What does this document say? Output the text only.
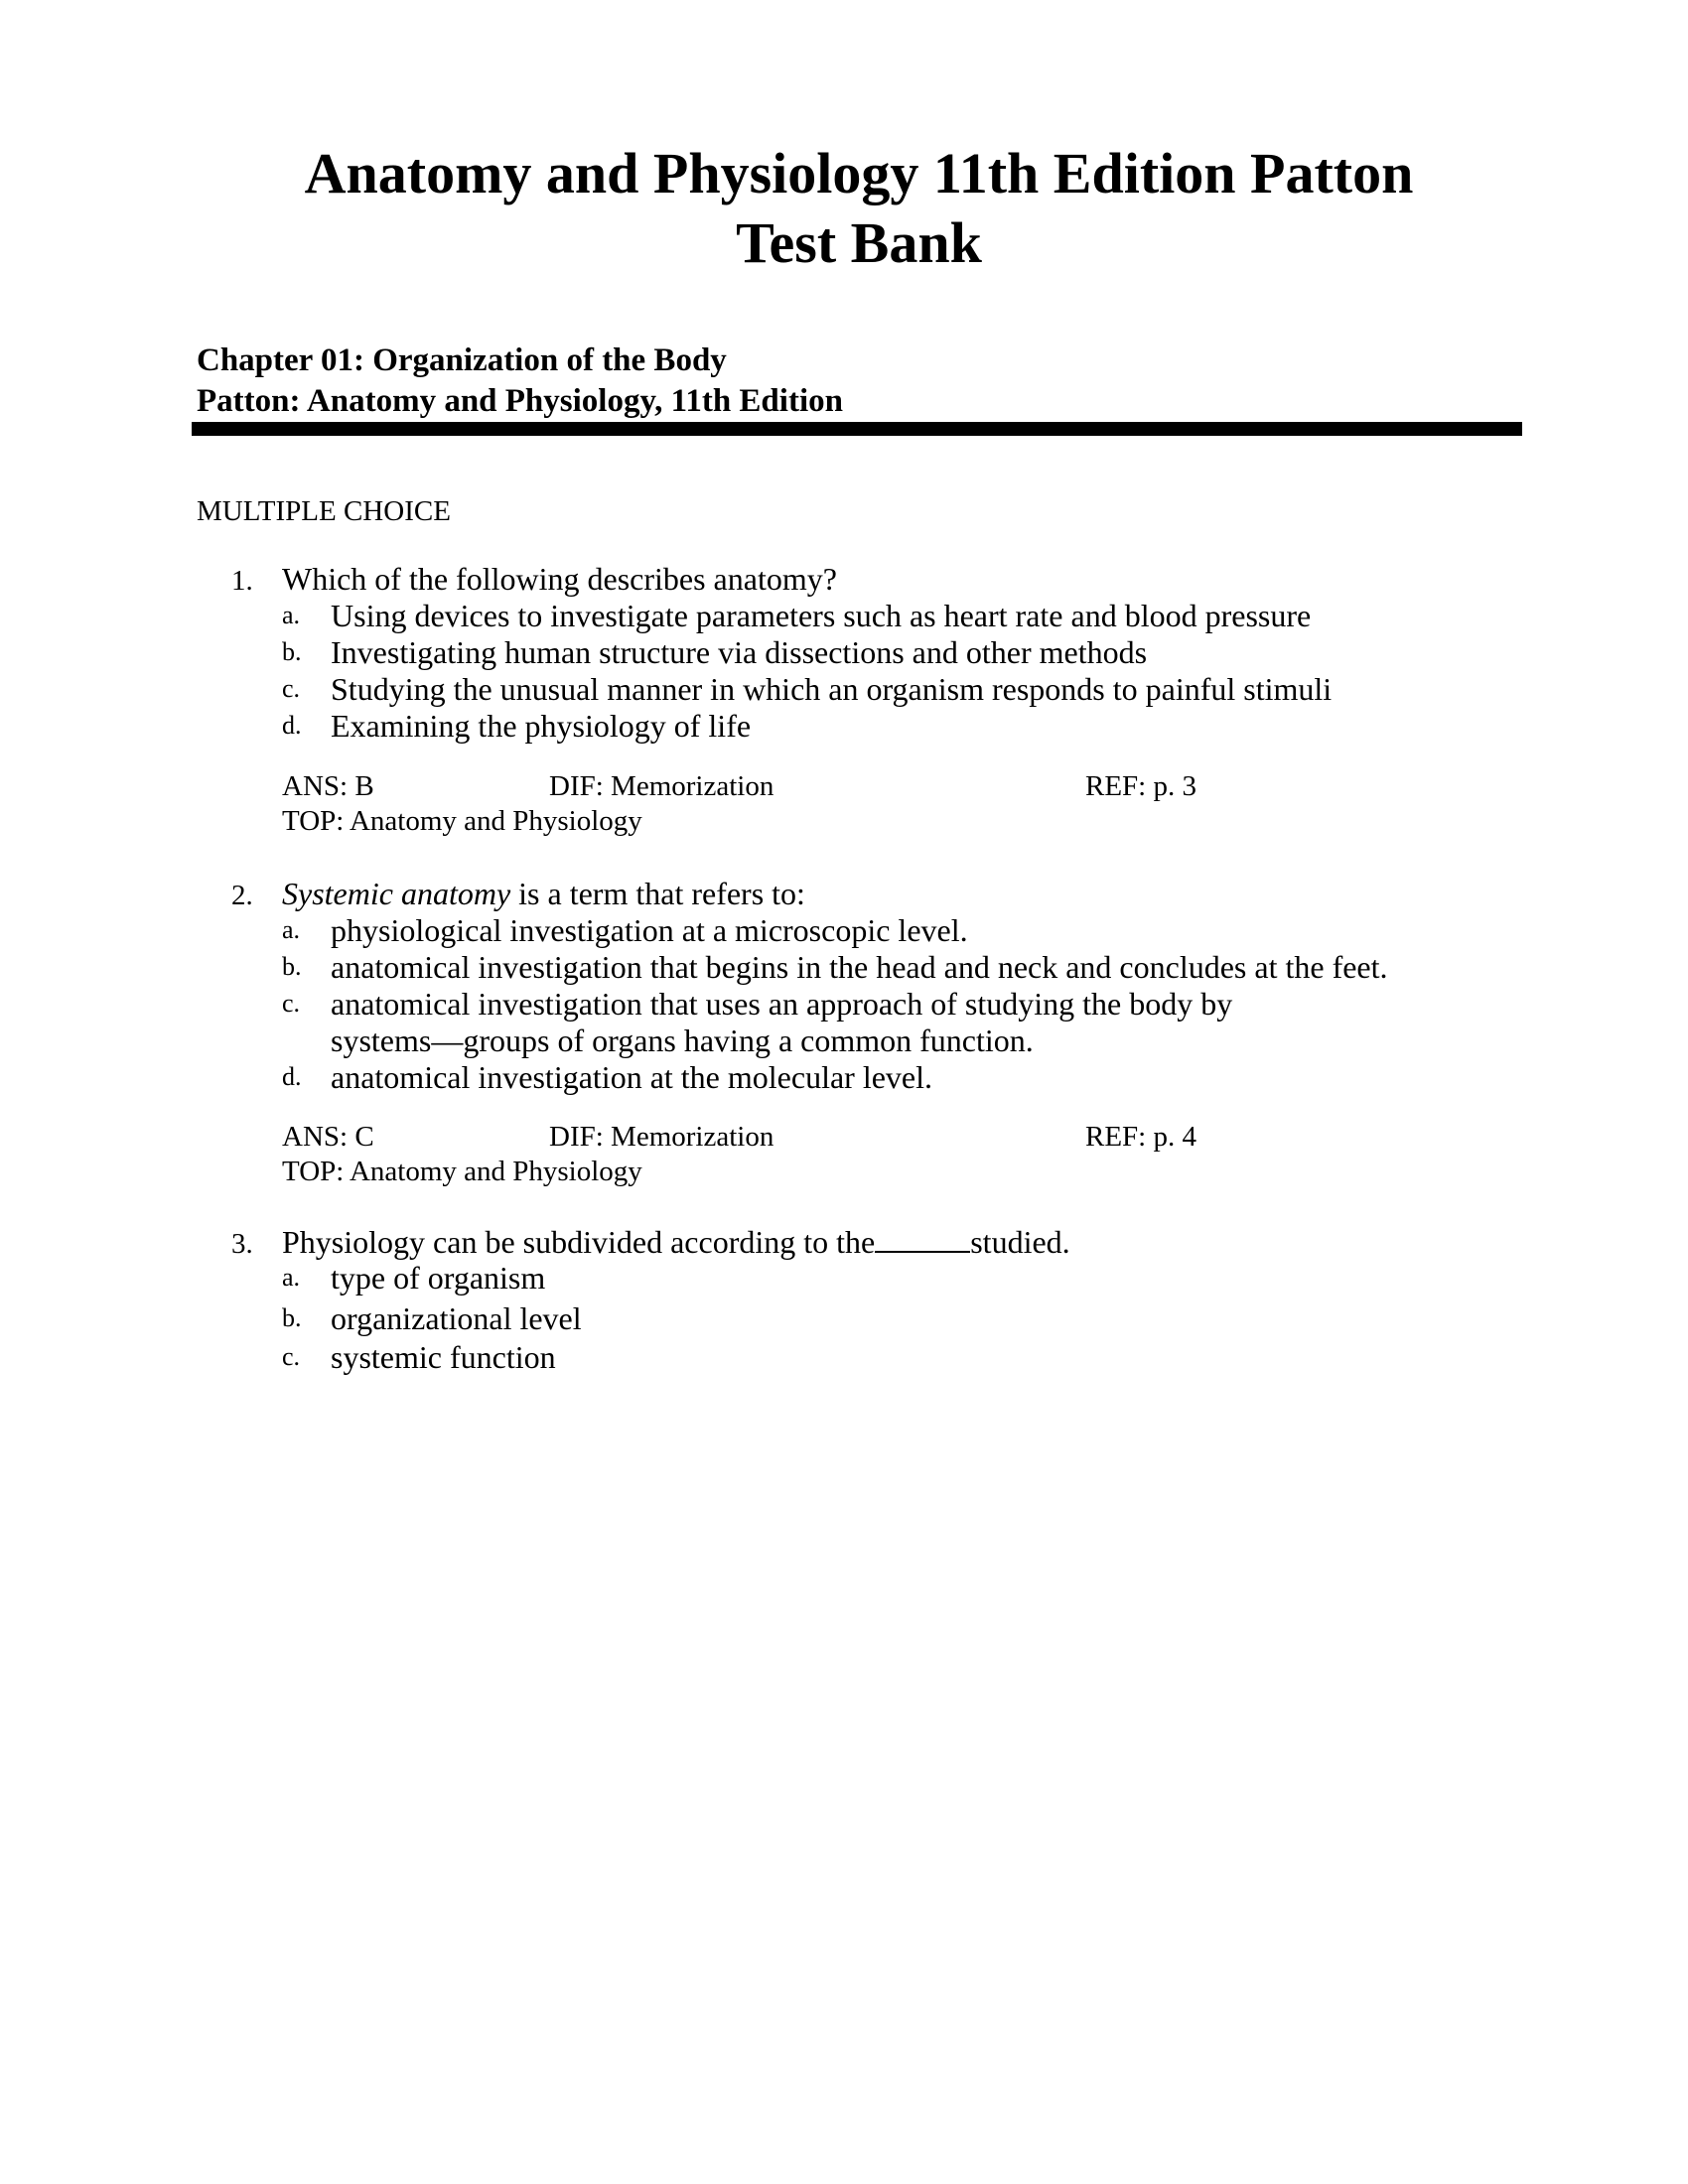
Anatomy and Physiology 11th Edition Patton
Test Bank
Chapter 01: Organization of the Body
Patton: Anatomy and Physiology, 11th Edition
MULTIPLE CHOICE
1. Which of the following describes anatomy?
a. Using devices to investigate parameters such as heart rate and blood pressure
b. Investigating human structure via dissections and other methods
c. Studying the unusual manner in which an organism responds to painful stimuli
d. Examining the physiology of life
ANS: B	DIF: Memorization	REF: p. 3
TOP: Anatomy and Physiology
2. Systemic anatomy is a term that refers to:
a. physiological investigation at a microscopic level.
b. anatomical investigation that begins in the head and neck and concludes at the feet.
c. anatomical investigation that uses an approach of studying the body by systems—groups of organs having a common function.
d. anatomical investigation at the molecular level.
ANS: C	DIF: Memorization	REF: p. 4
TOP: Anatomy and Physiology
3. Physiology can be subdivided according to the	studied.
a. type of organism
b. organizational level
c. systemic function
